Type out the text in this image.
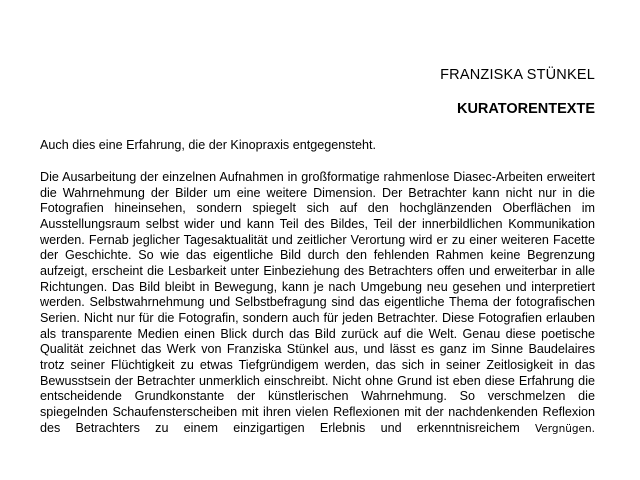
FRANZISKA STÜNKEL
KURATORENTEXTE
Auch dies eine Erfahrung, die der Kinopraxis entgegensteht.

Die Ausarbeitung der einzelnen Aufnahmen in großformatige rahmenlose Diasec-Arbeiten erweitert die Wahrnehmung der Bilder um eine weitere Dimension. Der Betrachter kann nicht nur in die Fotografien hineinsehen, sondern spiegelt sich auf den hochglänzenden Oberflächen im Ausstellungsraum selbst wider und kann Teil des Bildes, Teil der innerbildlichen Kommunikation werden. Fernab jeglicher Tagesaktualität und zeitlicher Verortung wird er zu einer weiteren Facette der Geschichte. So wie das eigentliche Bild durch den fehlenden Rahmen keine Begrenzung aufzeigt, erscheint die Lesbarkeit unter Einbeziehung des Betrachters offen und erweiterbar in alle Richtungen. Das Bild bleibt in Bewegung, kann je nach Umgebung neu gesehen und interpretiert werden. Selbstwahrnehmung und Selbstbefragung sind das eigentliche Thema der fotografischen Serien. Nicht nur für die Fotografin, sondern auch für jeden Betrachter. Diese Fotografien erlauben als transparente Medien einen Blick durch das Bild zurück auf die Welt. Genau diese poetische Qualität zeichnet das Werk von Franziska Stünkel aus, und lässt es ganz im Sinne Baudelaires trotz seiner Flüchtigkeit zu etwas Tiefgründigem werden, das sich in seiner Zeitlosigkeit in das Bewusstsein der Betrachter unmerklich einschreibt. Nicht ohne Grund ist eben diese Erfahrung die entscheidende Grundkonstante der künstlerischen Wahrnehmung. So verschmelzen die spiegelnden Schaufensterscheiben mit ihren vielen Reflexionen mit der nachdenkenden Reflexion des Betrachters zu einem einzigartigen Erlebnis und erkenntnisreichem Vergnügen.
